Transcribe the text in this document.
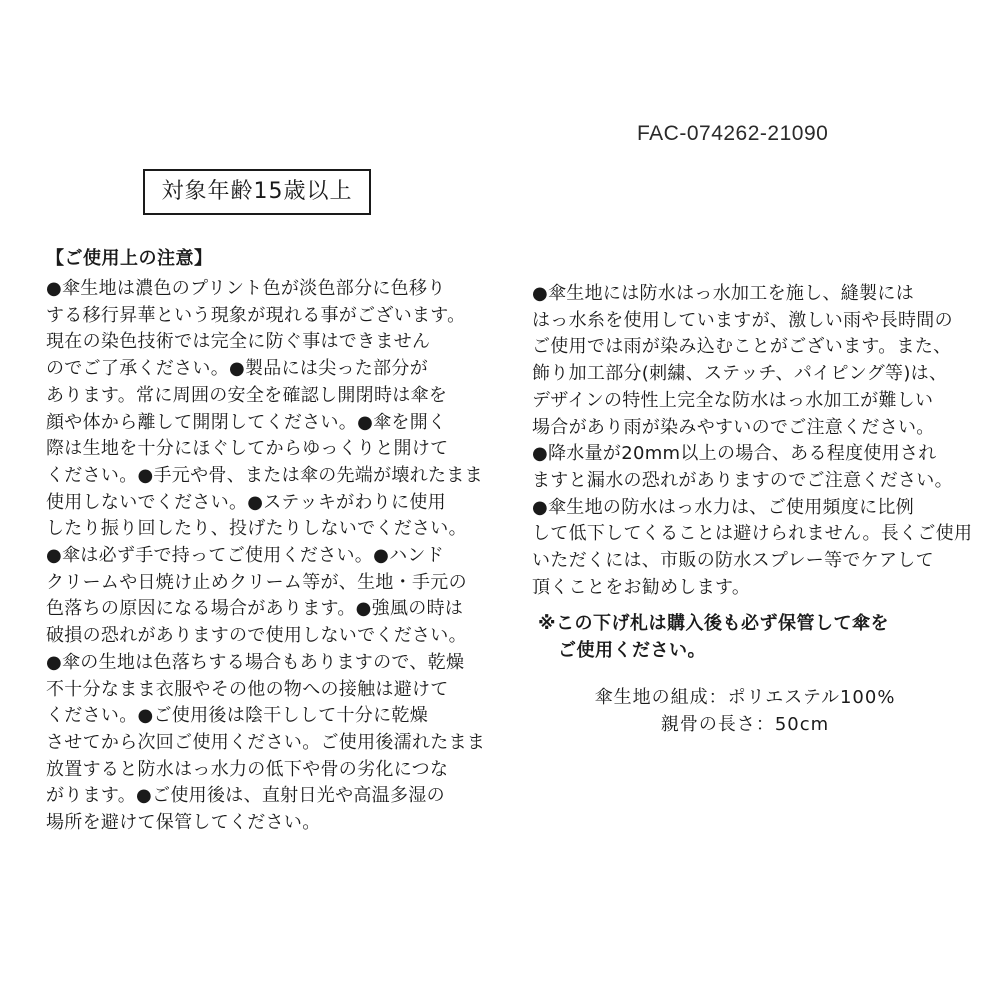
FAC-074262-21090
対象年齢15歳以上
【ご使用上の注意】
●傘生地は濃色のプリント色が淡色部分に色移り
する移行昇華という現象が現れる事がございます。
現在の染色技術では完全に防ぐ事はできません
のでご了承ください。●製品には尖った部分が
あります。常に周囲の安全を確認し開閉時は傘を
顔や体から離して開閉してください。●傘を開く
際は生地を十分にほぐしてからゆっくりと開けて
ください。●手元や骨、または傘の先端が壊れたまま
使用しないでください。●ステッキがわりに使用
したり振り回したり、投げたりしないでください。
●傘は必ず手で持ってご使用ください。●ハンド
クリームや日焼け止めクリーム等が、生地・手元の
色落ちの原因になる場合があります。●強風の時は
破損の恐れがありますので使用しないでください。
●傘の生地は色落ちする場合もありますので、乾燥
不十分なまま衣服やその他の物への接触は避けて
ください。●ご使用後は陰干しして十分に乾燥
させてから次回ご使用ください。ご使用後濡れたまま
放置すると防水はっ水力の低下や骨の劣化につな
がります。●ご使用後は、直射日光や高温多湿の
場所を避けて保管してください。
●傘生地には防水はっ水加工を施し、縫製には
はっ水糸を使用していますが、激しい雨や長時間の
ご使用では雨が染み込むことがございます。また、
飾り加工部分(刺繍、ステッチ、パイピング等)は、
デザインの特性上完全な防水はっ水加工が難しい
場合があり雨が染みやすいのでご注意ください。
●降水量が20mm以上の場合、ある程度使用され
ますと漏水の恐れがありますのでご注意ください。
●傘生地の防水はっ水力は、ご使用頻度に比例
して低下してくることは避けられません。長くご使用
いただくには、市販の防水スプレー等でケアして
頂くことをお勧めします。
※この下げ札は購入後も必ず保管して傘を
ご使用ください。
傘生地の組成：ポリエステル100%
親骨の長さ：50cm
